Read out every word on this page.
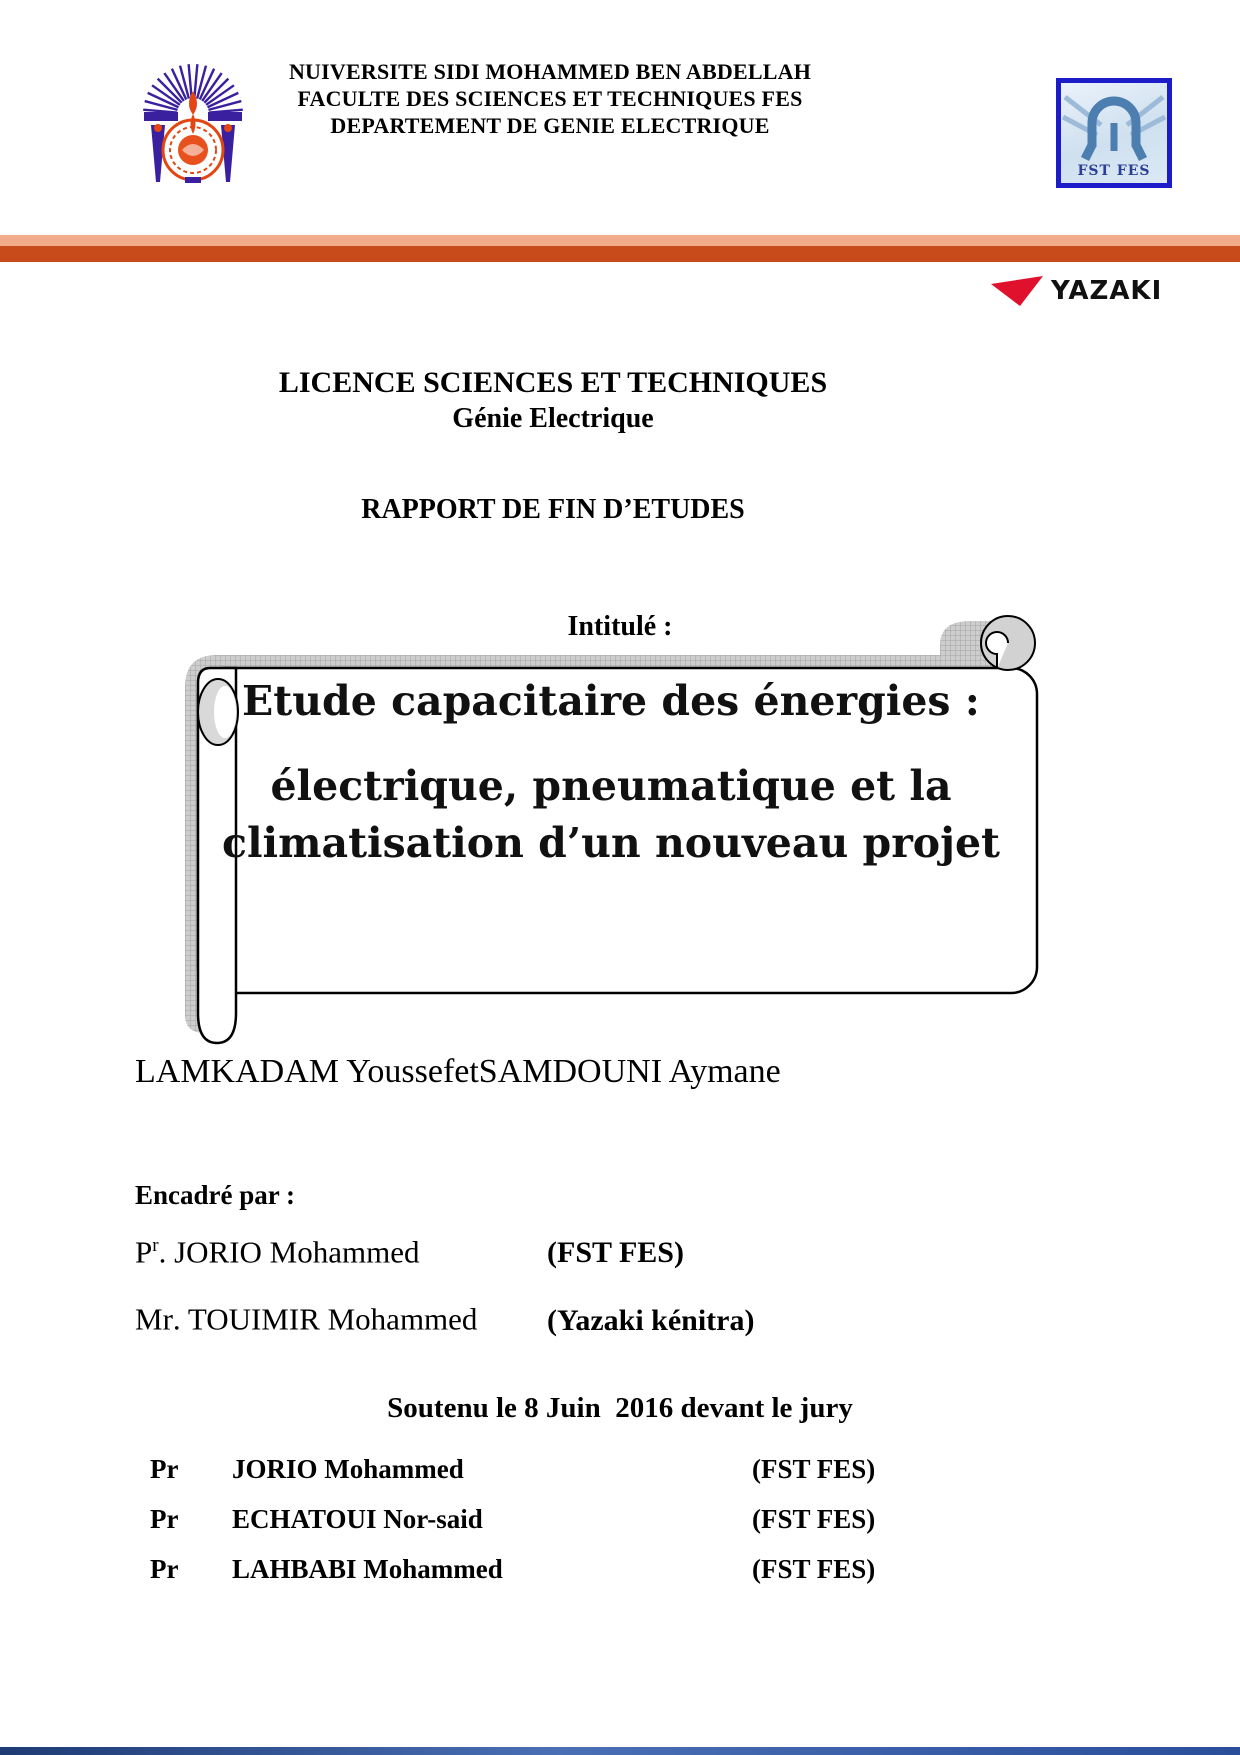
NUIVERSITE SIDI MOHAMMED BEN ABDELLAH
FACULTE DES SCIENCES ET TECHNIQUES FES
DEPARTEMENT DE GENIE ELECTRIQUE
FST FES
YAZAKI
LICENCE SCIENCES ET TECHNIQUES
Génie Electrique
RAPPORT DE FIN D’ETUDES
Intitulé :
Etude capacitaire des énergies :
électrique, pneumatique et la
climatisation d’un nouveau projet
LAMKADAM YoussefetSAMDOUNI Aymane
Encadré par :
$P^r$. JORIO Mohammed	(FST FES)
Mr. TOUIMIR Mohammed	(Yazaki kénitra)
Soutenu le 8 Juin  2016 devant le jury
Pr	JORIO Mohammed	(FST FES)
Pr	ECHATOUI Nor-said	(FST FES)
Pr	LAHBABI Mohammed	(FST FES)
